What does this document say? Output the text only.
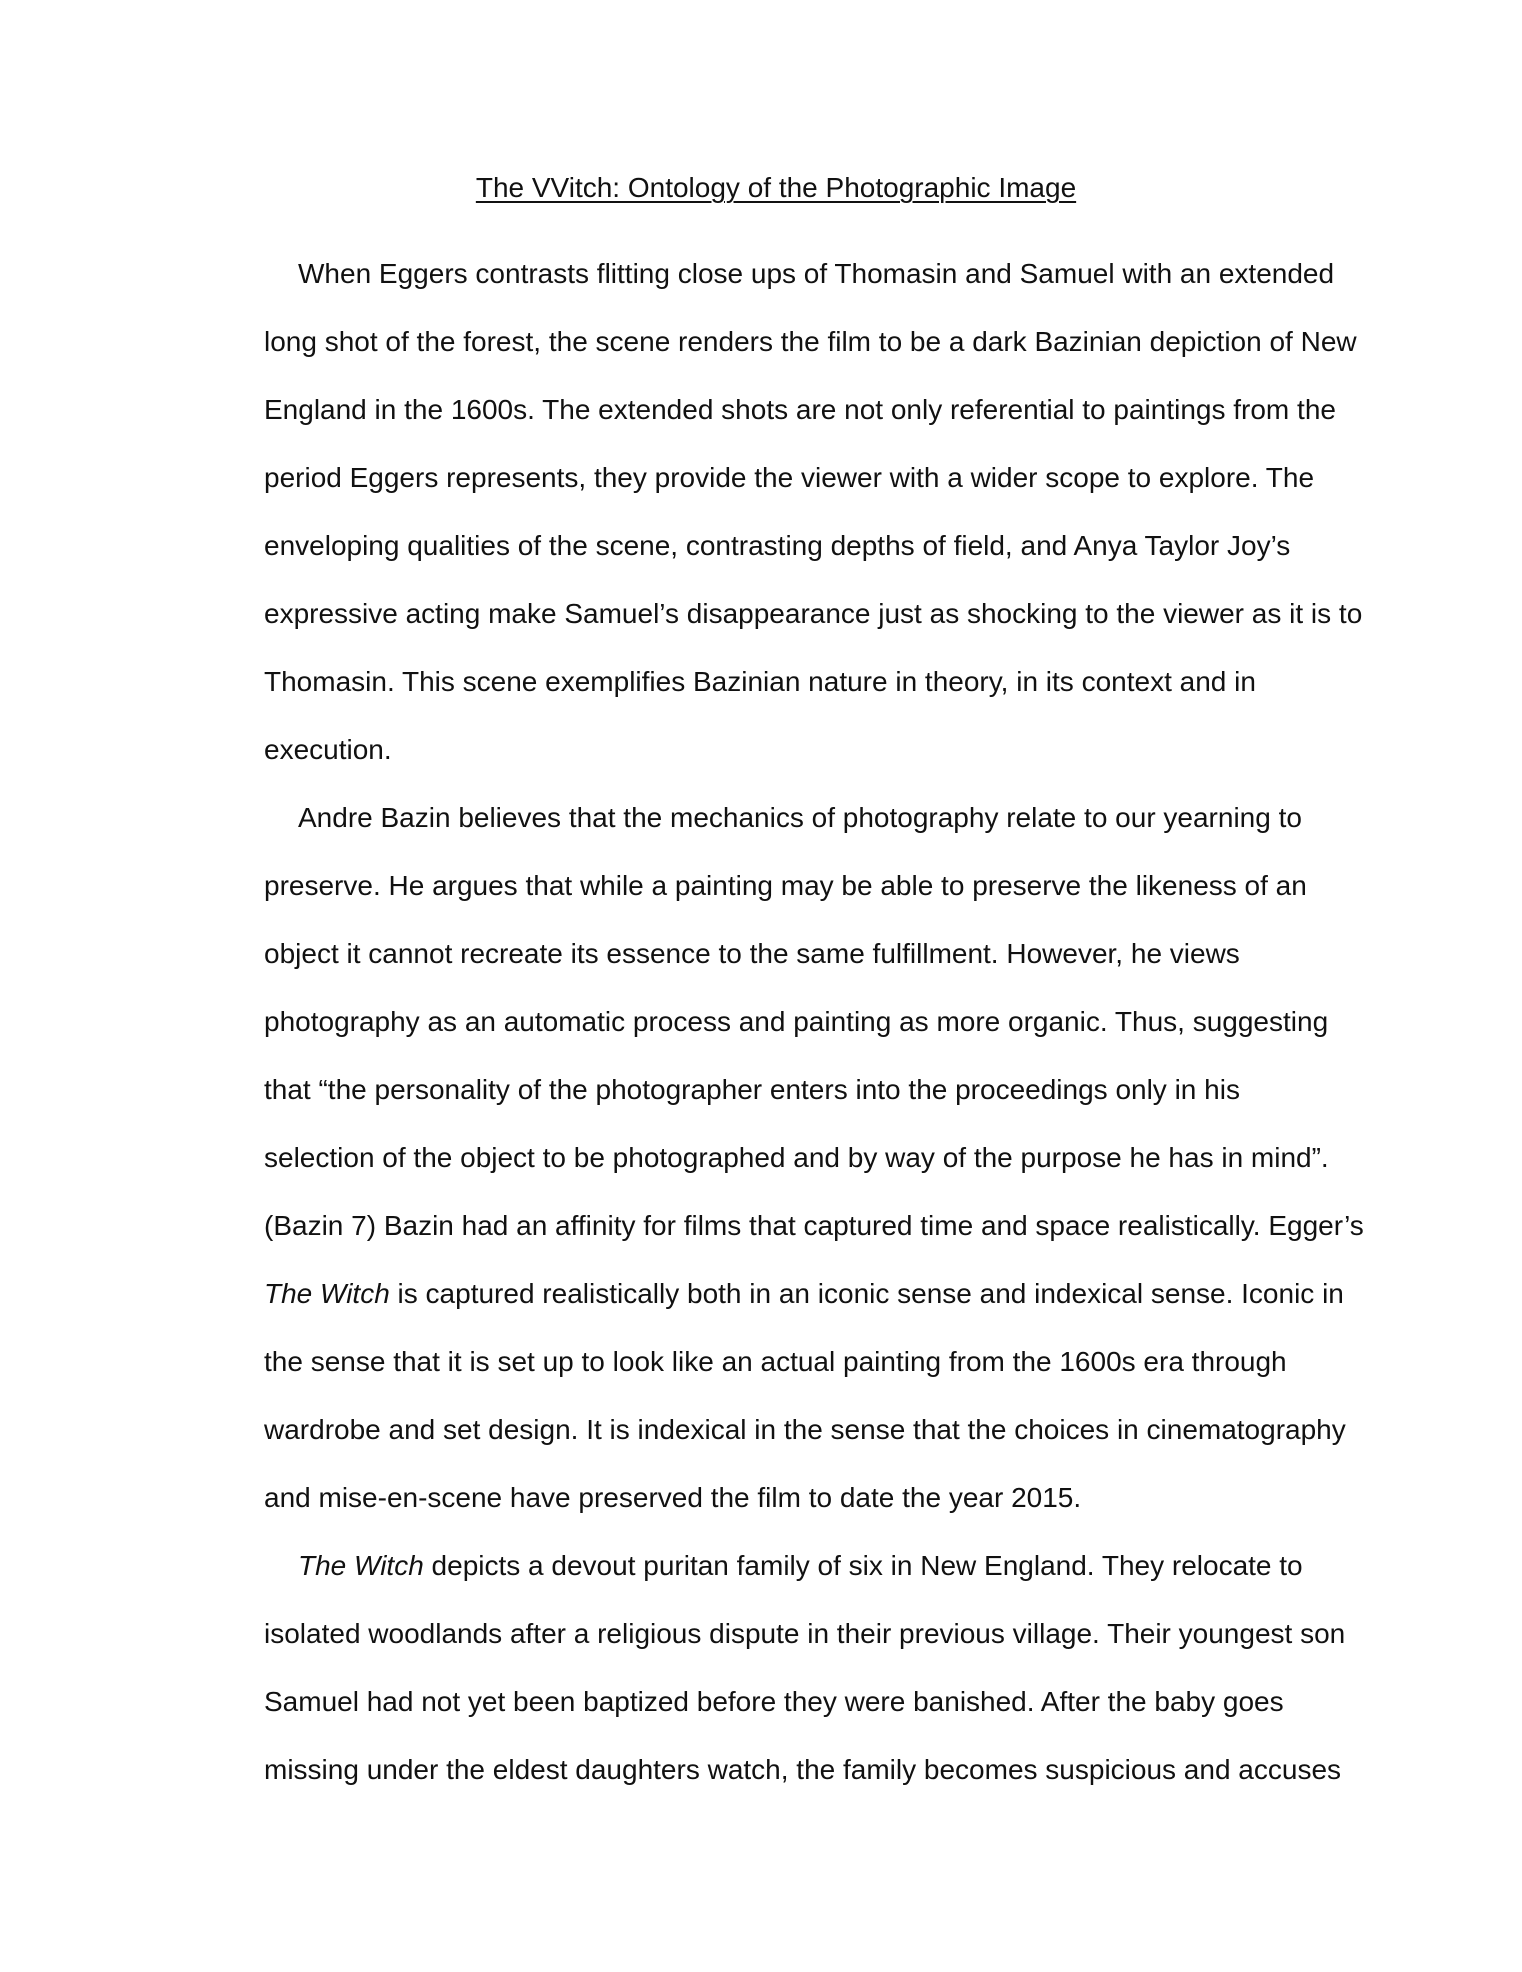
The VVitch: Ontology of the Photographic Image
When Eggers contrasts flitting close ups of Thomasin and Samuel with an extended
long shot of the forest, the scene renders the film to be a dark Bazinian depiction of New
England in the 1600s. The extended shots are not only referential to paintings from the
period Eggers represents, they provide the viewer with a wider scope to explore. The
enveloping qualities of the scene, contrasting depths of field, and Anya Taylor Joy’s
expressive acting make Samuel’s disappearance just as shocking to the viewer as it is to
Thomasin. This scene exemplifies Bazinian nature in theory, in its context and in
execution.
Andre Bazin believes that the mechanics of photography relate to our yearning to
preserve. He argues that while a painting may be able to preserve the likeness of an
object it cannot recreate its essence to the same fulfillment. However, he views
photography as an automatic process and painting as more organic. Thus, suggesting
that “the personality of the photographer enters into the proceedings only in his
selection of the object to be photographed and by way of the purpose he has in mind”.
(Bazin 7) Bazin had an affinity for films that captured time and space realistically. Egger’s
The Witch is captured realistically both in an iconic sense and indexical sense. Iconic in
the sense that it is set up to look like an actual painting from the 1600s era through
wardrobe and set design. It is indexical in the sense that the choices in cinematography
and mise-en-scene have preserved the film to date the year 2015.
The Witch depicts a devout puritan family of six in New England. They relocate to
isolated woodlands after a religious dispute in their previous village. Their youngest son
Samuel had not yet been baptized before they were banished. After the baby goes
missing under the eldest daughters watch, the family becomes suspicious and accuses
